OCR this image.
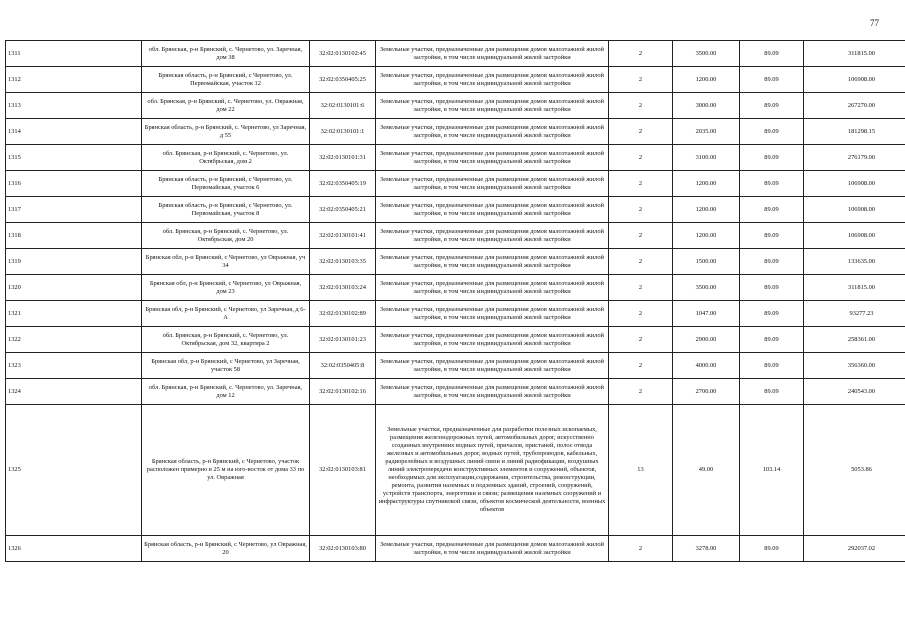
77
1311	обл. Брянская, р-н Брянский, с. Чернетово, ул. Заречная, дом 38	32:02:0130102:45	Земельные участки, предназначенные для размещения домов малоэтажной жилой застройки, в том числе индивидуальной жилой застройки	2	3500.00	89.09	311815.00
1312	Брянская область, р-н Брянский, с Чернетово, ул. Первомайская, участок 12	32:02:0350405:25	Земельные участки, предназначенные для размещения домов малоэтажной жилой застройки, в том числе индивидуальной жилой застройки	2	1200.00	89.09	106908.00
1313	обл. Брянская, р-н Брянский, с. Чернетово, ул. Овражная, дом 22	32:02:0130101:6	Земельные участки, предназначенные для размещения домов малоэтажной жилой застройки, в том числе индивидуальной жилой застройки	2	3000.00	89.09	267270.00
1314	Брянская область, р-н Брянский, с. Чернетово, ул Заречная, д 55	32:02:0130101:1	Земельные участки, предназначенные для размещения домов малоэтажной жилой застройки, в том числе индивидуальной жилой застройки	2	2035.00	89.09	181298.15
1315	обл. Брянская, р-н Брянский, с. Чернетово, ул. Октябрьская, дом 2	32:02:0130101:31	Земельные участки, предназначенные для размещения домов малоэтажной жилой застройки, в том числе индивидуальной жилой застройки	2	3100.00	89.09	276179.00
1316	Брянская область, р-н Брянский, с Чернетово, ул. Первомайская, участок 6	32:02:0350405:19	Земельные участки, предназначенные для размещения домов малоэтажной жилой застройки, в том числе индивидуальной жилой застройки	2	1200.00	89.09	106908.00
1317	Брянская область, р-н Брянский, с Чернетово, ул. Первомайская, участок 8	32:02:0350405:21	Земельные участки, предназначенные для размещения домов малоэтажной жилой застройки, в том числе индивидуальной жилой застройки	2	1200.00	89.09	106908.00
1318	обл. Брянская, р-н Брянский, с. Чернетово, ул. Октябрьская, дом 20	32:02:0130101:41	Земельные участки, предназначенные для размещения домов малоэтажной жилой застройки, в том числе индивидуальной жилой застройки	2	1200.00	89.09	106908.00
1319	Брянская обл, р-н Брянский, с Чернетово, ул Овражная, уч 34	32:02:0130103:35	Земельные участки, предназначенные для размещения домов малоэтажной жилой застройки, в том числе индивидуальной жилой застройки	2	1500.00	89.09	133635.00
1320	Брянская обл, р-н Брянский, с Чернетово, ул Овражная, дом 23	32:02:0130103:24	Земельные участки, предназначенные для размещения домов малоэтажной жилой застройки, в том числе индивидуальной жилой застройки	2	3500.00	89.09	311815.00
1321	Брянская обл, р-н Брянский, с Чернетово, ул Заречная, д 6-А	32:02:0130102:89	Земельные участки, предназначенные для размещения домов малоэтажной жилой застройки, в том числе индивидуальной жилой застройки	2	1047.00	89.09	93277.23
1322	обл. Брянская, р-н Брянский, с. Чернетово, ул. Октябрьская, дом 32, квартира 2	32:02:0130101:23	Земельные участки, предназначенные для размещения домов малоэтажной жилой застройки, в том числе индивидуальной жилой застройки	2	2900.00	89.09	258361.00
1323	Брянская обл, р-н Брянский, с Чернетово, ул Заречная, участок 58	32:02:0350405:8	Земельные участки, предназначенные для размещения домов малоэтажной жилой застройки, в том числе индивидуальной жилой застройки	2	4000.00	89.09	356360.00
1324	обл. Брянская, р-н Брянский, с. Чернетово, ул. Заречная, дом 12	32:02:0130102:16	Земельные участки, предназначенные для размещения домов малоэтажной жилой застройки, в том числе индивидуальной жилой застройки	2	2700.00	89.09	240543.00
1325	Брянская область, р-н Брянский, с Чернетово, участок расположен примерно в 25 м на юго-восток от дома 33 по ул. Овражная	32:02:0130103:81	Земельные участки, предназначенные для разработки полезных ископаемых, размещения железнодорожных путей, автомобильных дорог, искусственно созданных внутренних водных путей, причалов, пристаней, полос отвода железных и автомобильных дорог, водных путей, трубопроводов, кабельных, радиорелейных и воздушных линий связи и линий радиофикации, воздушных линий электропередачи конструктивных элементов и сооружений, объектов, необходимых для эксплуатации,содержания, строительства, реконструкции, ремонта, развития наземных и подземных зданий, строений, сооружений, устройств транспорта, энергетики и связи; размещения наземных сооружений и инфраструктуры спутниковой связи, объектов космической деятельности, военных объектов	13	49.00	103.14	5053.86
1326	Брянская область, р-н Брянский, с Чернетово, ул Овражная, 20	32:02:0130103:80	Земельные участки, предназначенные для размещения домов малоэтажной жилой застройки, в том числе индивидуальной жилой застройки	2	3278.00	89.09	292037.02
